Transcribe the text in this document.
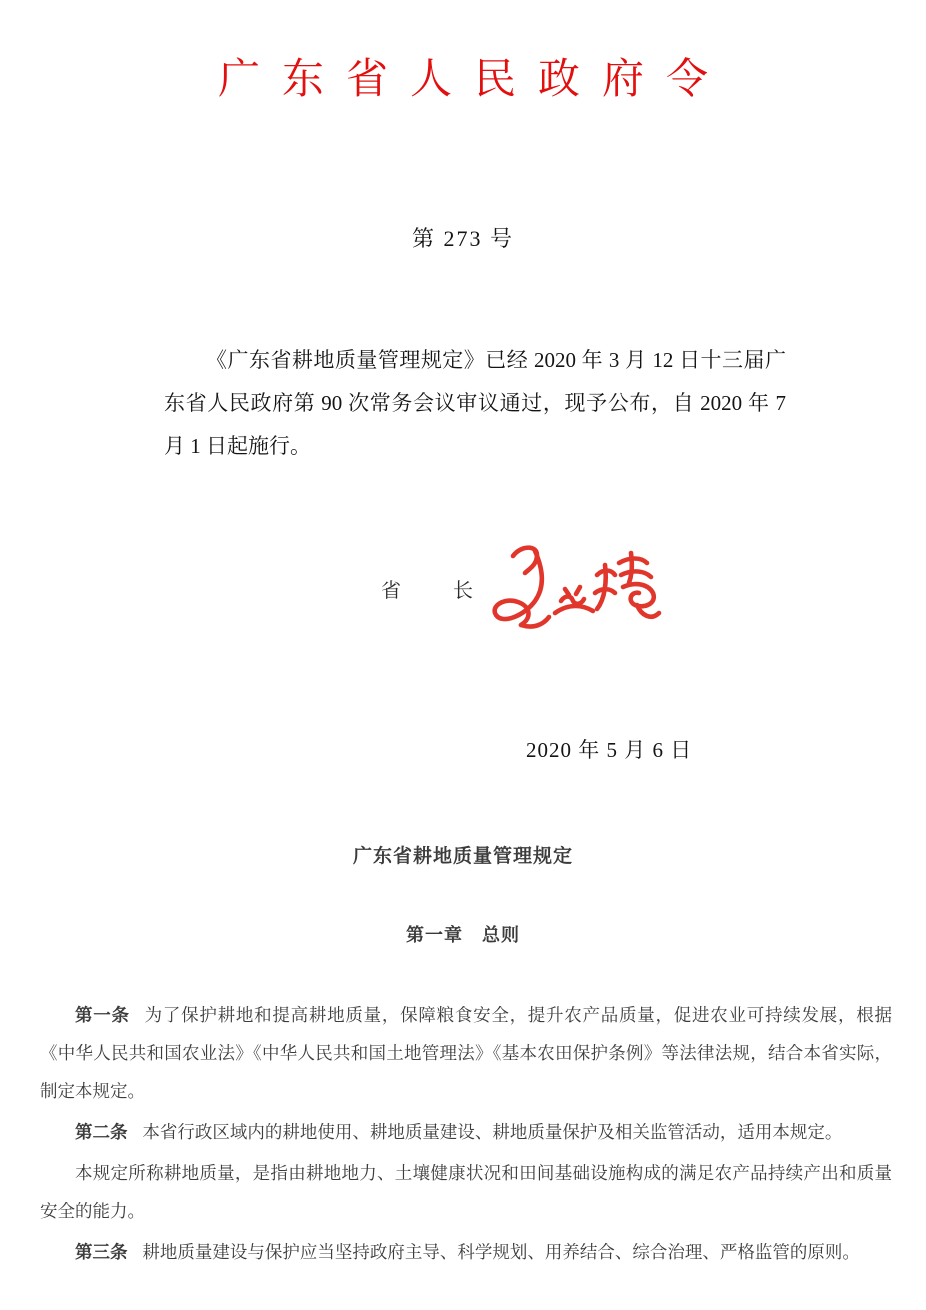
广东省人民政府令
第 273 号

《广东省耕地质量管理规定》已经 2020 年 3 月 12 日十三届广东省人民政府第 90 次常务会议审议通过，现予公布，自 2020 年 7 月 1 日起施行。

省　　长
2020 年 5 月 6 日
广东省耕地质量管理规定
第一章　总则

第一条 为了保护耕地和提高耕地质量，保障粮食安全，提升农产品质量，促进农业可持续发展，根据《中华人民共和国农业法》《中华人民共和国土地管理法》《基本农田保护条例》等法律法规，结合本省实际，制定本规定。

第二条 本省行政区域内的耕地使用、耕地质量建设、耕地质量保护及相关监管活动，适用本规定。

本规定所称耕地质量，是指由耕地地力、土壤健康状况和田间基础设施构成的满足农产品持续产出和质量安全的能力。

第三条 耕地质量建设与保护应当坚持政府主导、科学规划、用养结合、综合治理、严格监管的原则。
